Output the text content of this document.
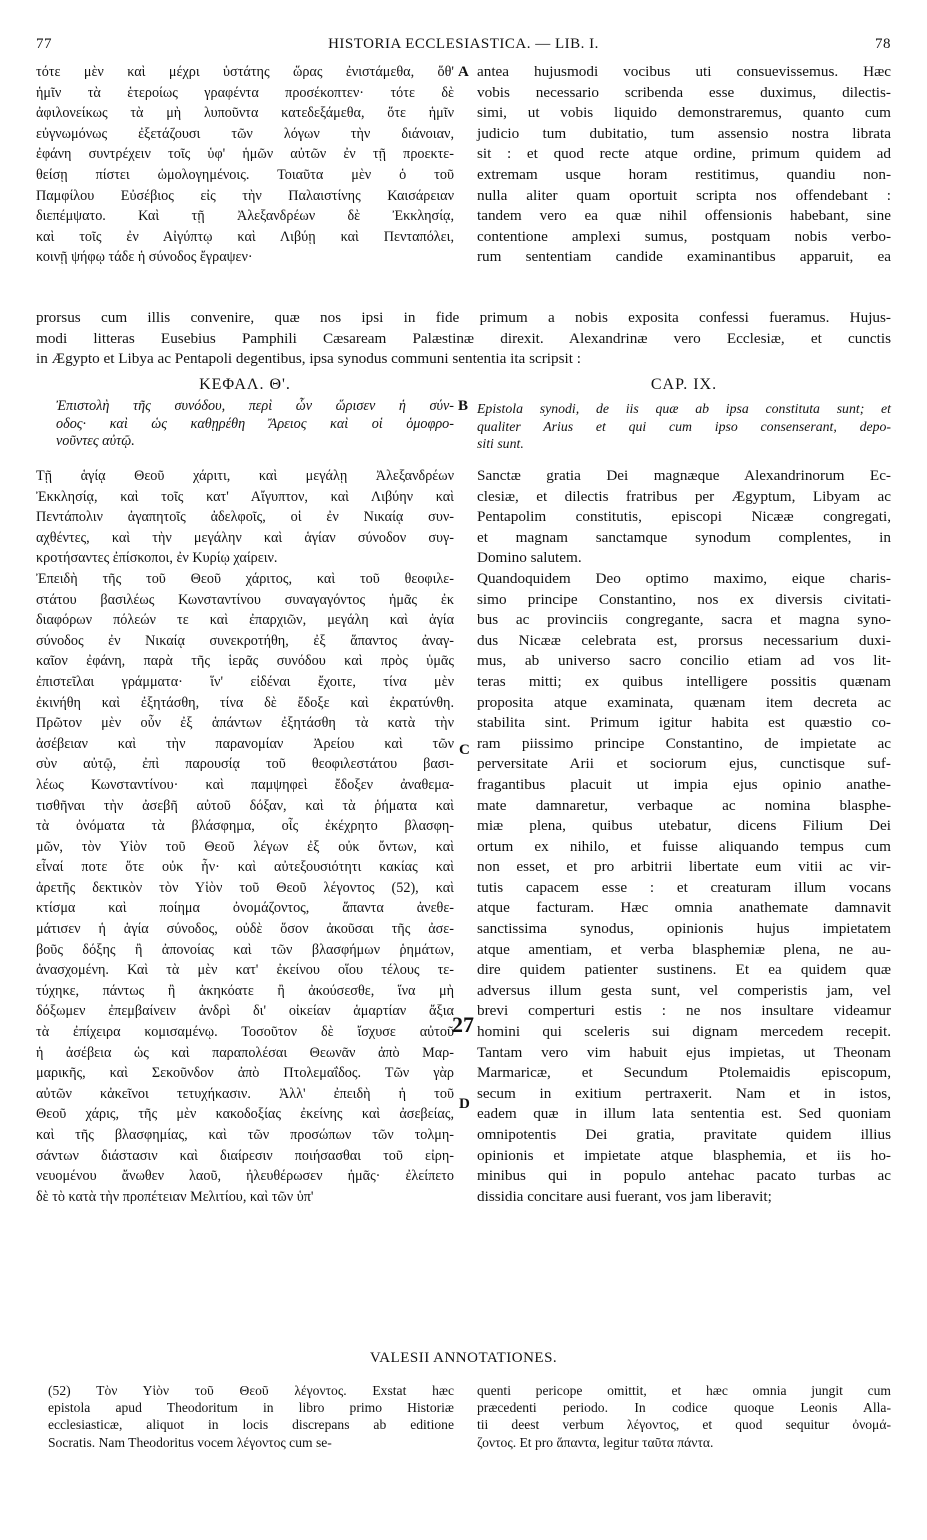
77	HISTORIA ECCLESIASTICA. — LIB. I.	78
τότε μὲν καὶ μέχρι ὑστάτης ὥρας ἐνιστάμεθα, ὅθ'
ἡμῖν τὰ ἑτεροίως γραφέντα προσέκοπτεν· τότε δὲ
ἀφιλονείκως τὰ μὴ λυποῦντα κατεδεξάμεθα, ὅτε ἡμῖν
εὐγνωμόνως ἐξετάζουσι τῶν λόγων τὴν διάνοιαν,
ἐφάνη συντρέχειν τοῖς ὑφ' ἡμῶν αὐτῶν ἐν τῇ προεκτε-
θείσῃ πίστει ὡμολογημένοις. Τοιαῦτα μὲν ὁ τοῦ
Παμφίλου Εὐσέβιος εἰς τὴν Παλαιστίνης Καισάρειαν
διεπέμψατο. Καὶ τῇ Ἀλεξανδρέων δὲ Ἐκκλησίᾳ,
καὶ τοῖς ἐν Αἰγύπτῳ καὶ Λιβύῃ καὶ Πενταπόλει,
κοινῇ ψήφῳ τάδε ἡ σύνοδος ἔγραψεν·
A antea hujusmodi vocibus uti consuevissemus. Hæc
vobis necessario scribenda esse duximus, dilectis-
simi, ut vobis liquido demonstraremus, quanto cum
judicio tum dubitatio, tum assensio nostra librata
sit : et quod recte atque ordine, primum quidem ad
extremam usque horam restitimus, quandiu non-
nulla aliter quam oportuit scripta nos offendebant :
tandem vero ea quæ nihil offensionis habebant, sine
contentione amplexi sumus, postquam nobis verbo-
rum sententiam candide examinantibus apparuit, ea
prorsus cum illis convenire, quæ nos ipsi in fide primum a nobis exposita confessi fueramus. Hujus-
modi litteras Eusebius Pamphili Cæsaream Palæstinæ direxit. Alexandrinæ vero Ecclesiæ, et cunctis
in Ægypto et Libya ac Pentapoli degentibus, ipsa synodus communi sententia ita scripsit :
ΚΕΦΑΛ. Θ'.	CAP. IX.
Ἐπιστολὴ τῆς συνόδου, περὶ ὧν ὥρισεν ἡ σύν-
οδος· καὶ ὡς καθῃρέθη Ἄρειος καὶ οἱ ὁμοφρο-
νοῦντες αὐτῷ.
B Epistola synodi, de iis quæ ab ipsa constituta sunt; et
qualiter Arius et qui cum ipso consenserant, depo-
siti sunt.
Τῇ ἁγίᾳ Θεοῦ χάριτι, καὶ μεγάλῃ Ἀλεξανδρέων
Ἐκκλησίᾳ, καὶ τοῖς κατ' Αἴγυπτον, καὶ Λιβύην καὶ
Πεντάπολιν ἀγαπητοῖς ἀδελφοῖς, οἱ ἐν Νικαίᾳ συν-
αχθέντες, καὶ τὴν μεγάλην καὶ ἁγίαν σύνοδον συγ-
κροτήσαντες ἐπίσκοποι, ἐν Κυρίῳ χαίρειν.
Ἐπειδὴ τῆς τοῦ Θεοῦ χάριτος, καὶ τοῦ θεοφιλε-
στάτου βασιλέως Κωνσταντίνου συναγαγόντος ἡμᾶς ἐκ
διαφόρων πόλεών τε καὶ ἐπαρχιῶν, μεγάλη καὶ ἁγία
σύνοδος ἐν Νικαίᾳ συνεκροτήθη, ἐξ ἅπαντος ἀναγ-
καῖον ἐφάνη, παρὰ τῆς ἱερᾶς συνόδου καὶ πρὸς ὑμᾶς
ἐπιστεῖλαι γράμματα· ἵν' εἰδέναι ἔχοιτε, τίνα μὲν
ἐκινήθη καὶ ἐξητάσθη, τίνα δὲ ἔδοξε καὶ ἐκρατύνθη.
Πρῶτον μὲν οὖν ἐξ ἁπάντων ἐξητάσθη τὰ κατὰ τὴν
ἀσέβειαν καὶ τὴν παρανομίαν Ἀρείου καὶ τῶν
σὺν αὐτῷ, ἐπὶ παρουσίᾳ τοῦ θεοφιλεστάτου βασι-
λέως Κωνσταντίνου· καὶ παμψηφεὶ ἔδοξεν ἀναθεμα-
τισθῆναι τὴν ἀσεβῆ αὐτοῦ δόξαν, καὶ τὰ ῥήματα καὶ
τὰ ὀνόματα τὰ βλάσφημα, οἷς ἐκέχρητο βλασφη-
μῶν, τὸν Υἱὸν τοῦ Θεοῦ λέγων ἐξ οὐκ ὄντων, καὶ
εἶναί ποτε ὅτε οὐκ ἦν· καὶ αὐτεξουσιότητι κακίας καὶ
ἀρετῆς δεκτικὸν τὸν Υἱὸν τοῦ Θεοῦ λέγοντος (52), καὶ
κτίσμα καὶ ποίημα ὀνομάζοντος, ἅπαντα ἀνεθε-
μάτισεν ἡ ἁγία σύνοδος, οὐδὲ ὅσον ἀκοῦσαι τῆς ἀσε-
βοῦς δόξης ἢ ἀπονοίας καὶ τῶν βλασφήμων ῥημάτων,
ἀνασχομένη. Καὶ τὰ μὲν κατ' ἐκείνου οἵου τέλους τε-
τύχηκε, πάντως ἢ ἀκηκόατε ἢ ἀκούσεσθε, ἵνα μὴ
δόξωμεν ἐπεμβαίνειν ἀνδρὶ δι' οἰκείαν ἁμαρτίαν ἄξια
τὰ ἐπίχειρα κομισαμένῳ. Τοσοῦτον δὲ ἴσχυσε αὐτοῦ
ἡ ἀσέβεια ὡς καὶ παραπολέσαι Θεωνᾶν ἀπὸ Μαρ-
μαρικῆς, καὶ Σεκοῦνδον ἀπὸ Πτολεμαΐδος. Τῶν γὰρ
αὐτῶν κἀκεῖνοι τετυχήκασιν. Ἀλλ' ἐπειδὴ ἡ τοῦ
Θεοῦ χάρις, τῆς μὲν κακοδοξίας ἐκείνης καὶ ἀσεβείας,
καὶ τῆς βλασφημίας, καὶ τῶν προσώπων τῶν τολμη-
σάντων διάστασιν καὶ διαίρεσιν ποιήσασθαι τοῦ εἰρη-
νευομένου ἄνωθεν λαοῦ, ἠλευθέρωσεν ἡμᾶς· ἐλείπετο
δὲ τὸ κατὰ τὴν προπέτειαν Μελιτίου, καὶ τῶν ὑπ'
C
27
D
Sanctæ gratia Dei magnæque Alexandrinorum Ec-
clesiæ, et dilectis fratribus per Ægyptum, Libyam ac
Pentapolim constitutis, episcopi Nicææ congregati,
et magnam sanctamque synodum complentes, in
Domino salutem.
Quandoquidem Deo optimo maximo, eique charis-
simo principe Constantino, nos ex diversis civitati-
bus ac provinciis congregante, sacra et magna syno-
dus Nicææ celebrata est, prorsus necessarium duxi-
mus, ab universo sacro concilio etiam ad vos lit-
teras mitti; ex quibus intelligere possitis quænam
proposita atque examinata, quænam item decreta ac
stabilita sint. Primum igitur habita est quæstio co-
ram piissimo principe Constantino, de impietate ac
perversitate Arii et sociorum ejus, cunctisque suf-
fragantibus placuit ut impia ejus opinio anathe-
mate damnaretur, verbaque ac nomina blasphe-
miæ plena, quibus utebatur, dicens Filium Dei
ortum ex nihilo, et fuisse aliquando tempus cum
non esset, et pro arbitrii libertate eum vitii ac vir-
tutis capacem esse : et creaturam illum vocans
atque facturam. Hæc omnia anathemate damnavit
sanctissima synodus, opinionis hujus impietatem
atque amentiam, et verba blasphemiæ plena, ne au-
dire quidem patienter sustinens. Et ea quidem quæ
adversus illum gesta sunt, vel comperistis jam, vel
brevi comperturi estis : ne nos insultare videamur
homini qui sceleris sui dignam mercedem recepit.
Tantam vero vim habuit ejus impietas, ut Theonam
Marmaricæ, et Secundum Ptolemaidis episcopum,
secum in exitium pertraxerit. Nam et in istos,
eadem quæ in illum lata sententia est. Sed quoniam
omnipotentis Dei gratia, pravitate quidem illius
opinionis et impietate atque blasphemia, et iis ho-
minibus qui in populo antehac pacato turbas ac
dissidia concitare ausi fuerant, vos jam liberavit;
VALESII ANNOTATIONES.
(52) Τὸν Υἱὸν τοῦ Θεοῦ λέγοντος. Exstat hæc
epistola apud Theodoritum in libro primo Historiæ
ecclesiasticæ, aliquot in locis discrepans ab editione
Socratis. Nam Theodoritus vocem λέγοντος cum se-
quenti pericope omittit, et hæc omnia jungit cum
præcedenti periodo. In codice quoque Leonis Alla-
tii deest verbum λέγοντος, et quod sequitur ὀνομά-
ζοντος. Et pro ἅπαντα, legitur ταῦτα πάντα.
